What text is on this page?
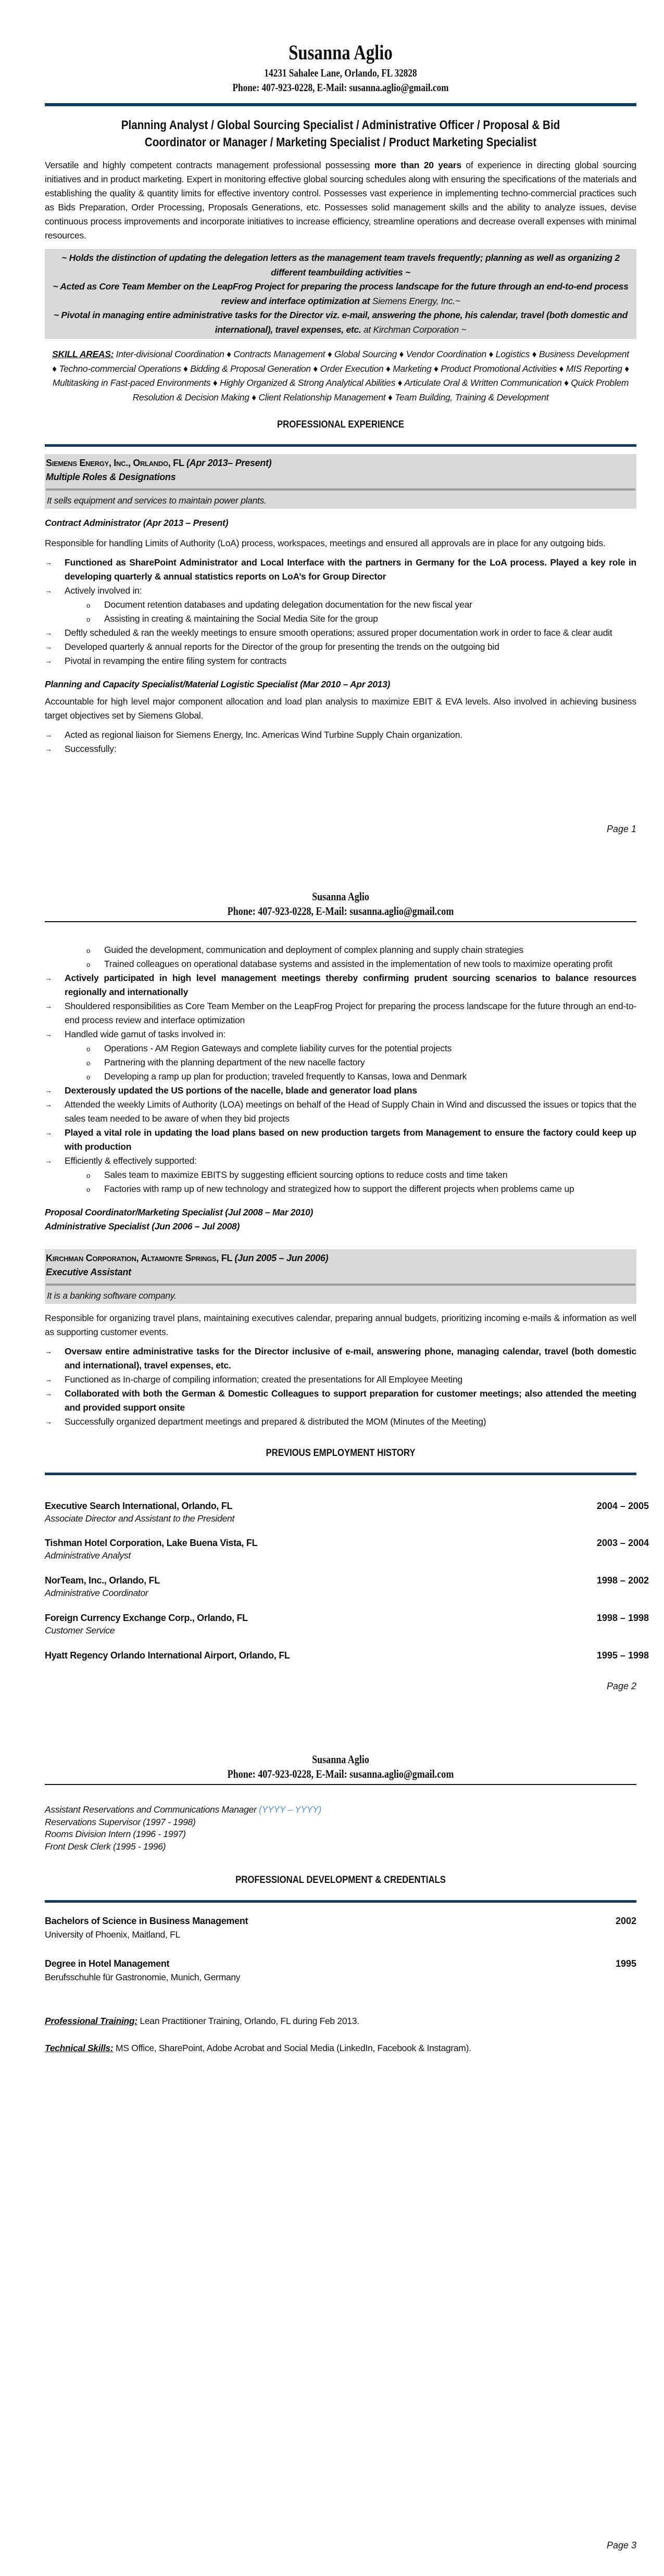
Susanna Aglio
14231 Sahalee Lane, Orlando, FL 32828
Phone: 407-923-0228, E-Mail: susanna.aglio@gmail.com
Planning Analyst / Global Sourcing Specialist / Administrative Officer / Proposal & Bid
Coordinator or Manager / Marketing Specialist / Product Marketing Specialist

Versatile and highly competent contracts management professional possessing more than 20 years of experience in directing global sourcing initiatives and in product marketing. Expert in monitoring effective global sourcing schedules along with ensuring the specifications of the materials and establishing the quality & quantity limits for effective inventory control. Possesses vast experience in implementing techno-commercial practices such as Bids Preparation, Order Processing, Proposals Generations, etc. Possesses solid management skills and the ability to analyze issues, devise continuous process improvements and incorporate initiatives to increase efficiency, streamline operations and decrease overall expenses with minimal resources.

~ Holds the distinction of updating the delegation letters as the management team travels frequently; planning as well as organizing 2 different teambuilding activities ~
~ Acted as Core Team Member on the LeapFrog Project for preparing the process landscape for the future through an end-to-end process review and interface optimization at Siemens Energy, Inc.~
~ Pivotal in managing entire administrative tasks for the Director viz. e-mail, answering the phone, his calendar, travel (both domestic and international), travel expenses, etc. at Kirchman Corporation ~

SKILL AREAS: Inter-divisional Coordination ♦ Contracts Management ♦ Global Sourcing ♦ Vendor Coordination ♦ Logistics ♦ Business Development ♦ Techno-commercial Operations ♦ Bidding & Proposal Generation ♦ Order Execution ♦ Marketing ♦ Product Promotional Activities ♦ MIS Reporting ♦ Multitasking in Fast-paced Environments ♦ Highly Organized & Strong Analytical Abilities ♦ Articulate Oral & Written Communication ♦ Quick Problem Resolution & Decision Making ♦ Client Relationship Management ♦ Team Building, Training & Development

PROFESSIONAL EXPERIENCE
Siemens Energy, Inc., Orlando, FL (Apr 2013– Present)
Multiple Roles & Designations
It sells equipment and services to maintain power plants.
Contract Administrator (Apr 2013 – Present)

Responsible for handling Limits of Authority (LoA) process, workspaces, meetings and ensured all approvals are in place for any outgoing bids.

→ Functioned as SharePoint Administrator and Local Interface with the partners in Germany for the LoA process. Played a key role in developing quarterly & annual statistics reports on LoA’s for Group Director
→ Actively involved in:
o Document retention databases and updating delegation documentation for the new fiscal year
o Assisting in creating & maintaining the Social Media Site for the group
→ Deftly scheduled & ran the weekly meetings to ensure smooth operations; assured proper documentation work in order to face & clear audit
→ Developed quarterly & annual reports for the Director of the group for presenting the trends on the outgoing bid
→ Pivotal in revamping the entire filing system for contracts
Planning and Capacity Specialist/Material Logistic Specialist (Mar 2010 – Apr 2013)

Accountable for high level major component allocation and load plan analysis to maximize EBIT & EVA levels. Also involved in achieving business target objectives set by Siemens Global.

→ Acted as regional liaison for Siemens Energy, Inc. Americas Wind Turbine Supply Chain organization.
→ Successfully:
Page 1
Susanna Aglio
Phone: 407-923-0228, E-Mail: susanna.aglio@gmail.com
o Guided the development, communication and deployment of complex planning and supply chain strategies
o Trained colleagues on operational database systems and assisted in the implementation of new tools to maximize operating profit
→ Actively participated in high level management meetings thereby confirming prudent sourcing scenarios to balance resources regionally and internationally
→ Shouldered responsibilities as Core Team Member on the LeapFrog Project for preparing the process landscape for the future through an end-to-end process review and interface optimization
→ Handled wide gamut of tasks involved in:
o Operations - AM Region Gateways and complete liability curves for the potential projects
o Partnering with the planning department of the new nacelle factory
o Developing a ramp up plan for production; traveled frequently to Kansas, Iowa and Denmark
→ Dexterously updated the US portions of the nacelle, blade and generator load plans
→ Attended the weekly Limits of Authority (LOA) meetings on behalf of the Head of Supply Chain in Wind and discussed the issues or topics that the sales team needed to be aware of when they bid projects
→ Played a vital role in updating the load plans based on new production targets from Management to ensure the factory could keep up with production
→ Efficiently & effectively supported:
o Sales team to maximize EBITS by suggesting efficient sourcing options to reduce costs and time taken
o Factories with ramp up of new technology and strategized how to support the different projects when problems came up
Proposal Coordinator/Marketing Specialist (Jul 2008 – Mar 2010)
Administrative Specialist (Jun 2006 – Jul 2008)
Kirchman Corporation, Altamonte Springs, FL (Jun 2005 – Jun 2006)
Executive Assistant
It is a banking software company.

Responsible for organizing travel plans, maintaining executives calendar, preparing annual budgets, prioritizing incoming e-mails & information as well as supporting customer events.

→ Oversaw entire administrative tasks for the Director inclusive of e-mail, answering phone, managing calendar, travel (both domestic and international), travel expenses, etc.
→ Functioned as In-charge of compiling information; created the presentations for All Employee Meeting
→ Collaborated with both the German & Domestic Colleagues to support preparation for customer meetings; also attended the meeting and provided support onsite
→ Successfully organized department meetings and prepared & distributed the MOM (Minutes of the Meeting)
PREVIOUS EMPLOYMENT HISTORY
Executive Search International, Orlando, FL
Associate Director and Assistant to the President
2004 – 2005
Tishman Hotel Corporation, Lake Buena Vista, FL
Administrative Analyst
2003 – 2004
NorTeam, Inc., Orlando, FL
Administrative Coordinator
1998 – 2002
Foreign Currency Exchange Corp., Orlando, FL
Customer Service
1998 – 1998
Hyatt Regency Orlando International Airport, Orlando, FL	1995 – 1998
Page 2
Susanna Aglio
Phone: 407-923-0228, E-Mail: susanna.aglio@gmail.com
Assistant Reservations and Communications Manager (YYYY – YYYY)
Reservations Supervisor (1997 - 1998)
Rooms Division Intern (1996 - 1997)
Front Desk Clerk (1995 - 1996)
PROFESSIONAL DEVELOPMENT & CREDENTIALS
Bachelors of Science in Business Management
University of Phoenix, Maitland, FL
2002
Degree in Hotel Management
Berufsschuhle für Gastronomie, Munich, Germany
1995
Professional Training: Lean Practitioner Training, Orlando, FL during Feb 2013.
Technical Skills: MS Office, SharePoint, Adobe Acrobat and Social Media (LinkedIn, Facebook & Instagram).
Page 3
